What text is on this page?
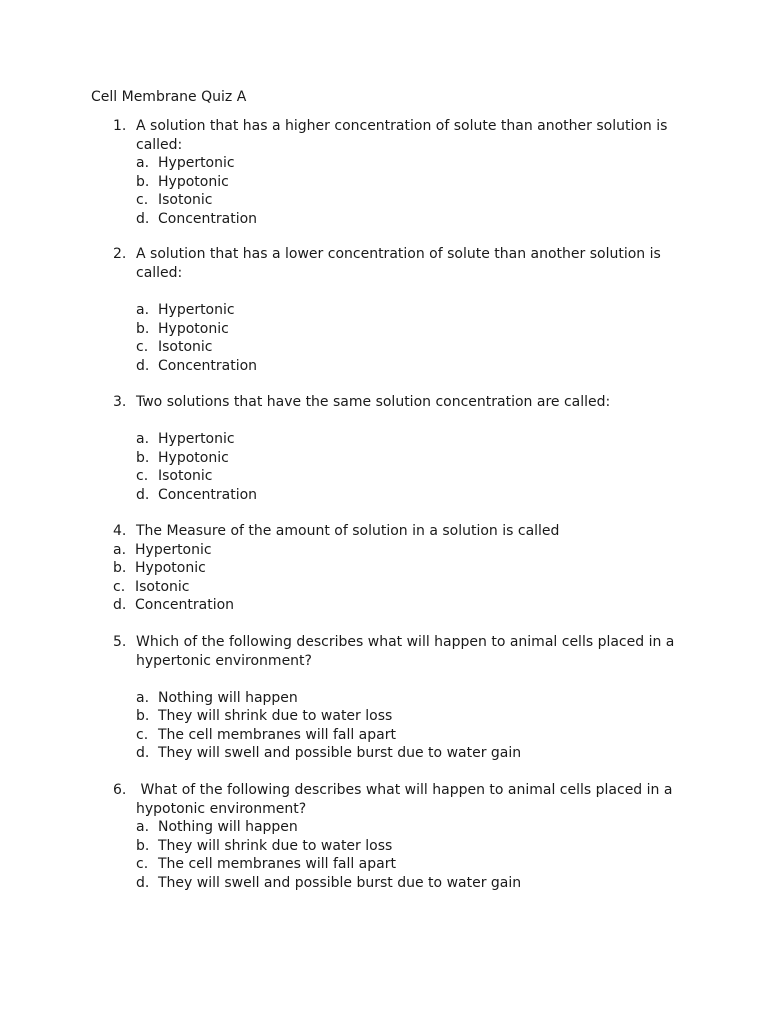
Cell Membrane Quiz A
1. A solution that has a higher concentration of solute than another solution is called:
a. Hypertonic
b. Hypotonic
c. Isotonic
d. Concentration
2. A solution that has a lower concentration of solute than another solution is called:
a. Hypertonic
b. Hypotonic
c. Isotonic
d. Concentration
3. Two solutions that have the same solution concentration are called:
a. Hypertonic
b. Hypotonic
c. Isotonic
d. Concentration
4. The Measure of the amount of solution in a solution is called
a. Hypertonic
b. Hypotonic
c. Isotonic
d. Concentration
5. Which of the following describes what will happen to animal cells placed in a hypertonic environment?
a. Nothing will happen
b. They will shrink due to water loss
c. The cell membranes will fall apart
d. They will swell and possible burst due to water gain
6. What of the following describes what will happen to animal cells placed in a hypotonic environment?
a. Nothing will happen
b. They will shrink due to water loss
c. The cell membranes will fall apart
d. They will swell and possible burst due to water gain
